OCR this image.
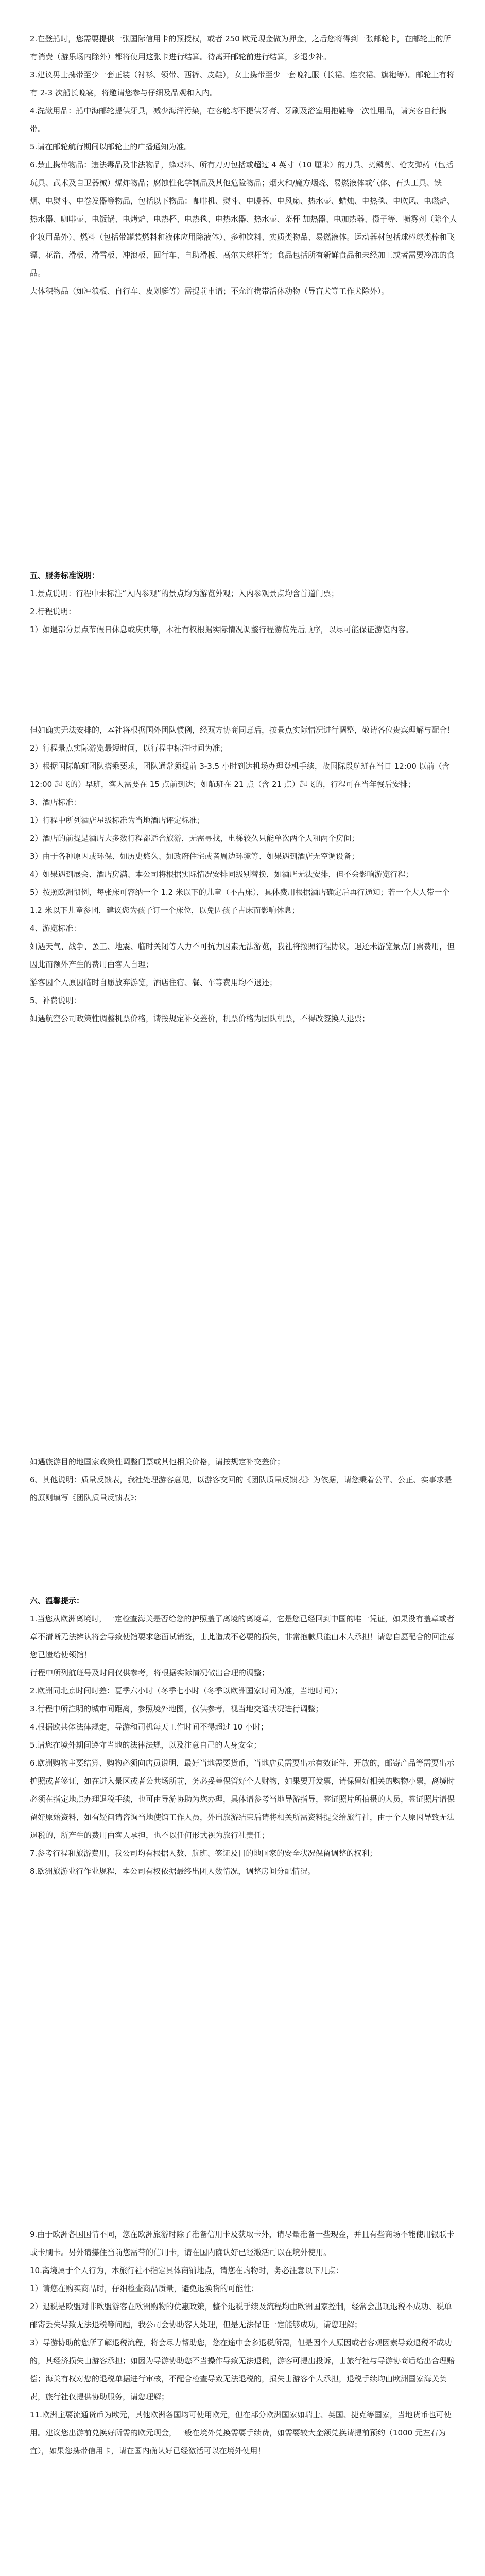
2.在登船时，您需要提供一张国际信用卡的预授权，或者 250 欧元现金做为押金，之后您将得到一张邮轮卡，在邮轮上的所有消费（游乐场内除外）都将使用这张卡进行结算。待离开邮轮前进行结算，多退少补。

3.建议男士携带至少一套正装（衬衫、领带、西裤、皮鞋），女士携带至少一套晚礼服（长裙、连衣裙、旗袍等）。邮轮上有将有 2-3 次船长晚宴，将邀请您参与仔细及品观和入内。

4.洗漱用品：船中海邮轮提供牙具，减少海洋污染，在客舱均不提供牙膏、牙刷及浴室用拖鞋等一次性用品，请宾客自行携带。

5.请在邮轮航行期间以邮轮上的广播通知为准。

6.禁止携带物品：违法毒品及非法物品，蜂鸡料、所有刀刃包括或超过 4 英寸（10 厘米）的刀具、扔鳞剪、枪支弹药（包括玩具、武术及自卫器械）爆炸物品；腐蚀性化学制品及其他危险物品；烟火和/魔方烟烧、易燃液体或气体、石头工具、铁烟、电熨斗、电卷发器等物品，包括以下物品：咖啡机、熨斗、电暖器、电风扇、热水壶、蜡烛、电热毯、电吹风、电磁炉、热水器、咖啡壶、电饭锅、电烤炉、电热杯、电热毯、电热水器、热水壶、茶杯 加热器、电加热器、摄子等、喷雾剂（除个人化妆用品外）、燃料（包括带罐装燃料和液体应用除液体）、多种饮料、实质类物品、易燃液体。运动器材包括球棒球类棒和飞镖、花箭、滑板、滑雪板、冲浪板、回行车、自助滑板、高尔夫球杆等；食品包括所有新鲜食品和未经加工或者需要冷冻的食品。

大体积物品（如冲浪板、自行车、皮划艇等）需提前申请；不允许携带活体动物（导盲犬等工作犬除外）。

五、服务标准说明：

1.景点说明：行程中未标注“入内参观”的景点均为游览外观；入内参观景点均含首道门票；

2.行程说明：

1）如遇部分景点节假日休息或庆典等，本社有权根据实际情况调整行程游览先后顺序，以尽可能保证游览内容。

但如确实无法安排的，本社将根据国外团队惯例，经双方协商同意后，按景点实际情况进行调整，敬请各位贵宾理解与配合！

2）行程景点实际游览最短时间，以行程中标注时间为准；

3）根据国际航班团队搭乘要求，团队通常须提前 3-3.5 小时到达机场办理登机手续，故国际段航班在当日 12:00 以前（含 12:00 起飞的）早班，客人需要在 15 点前到达；如航班在 21 点（含 21 点）起飞的，行程可在当年餐后安排；

3、酒店标准：

1）行程中所列酒店星级标准为当地酒店评定标准；

2）酒店的前提是酒店大多数行程都适合旅游，无需寻找，电梯较久只能单次两个人和两个房间；

3）由于各种原因或环保、如历史悠久、如政府住宅或者周边环境等、如果遇到酒店无空调设备；

4）如果遇到展会、酒店房满、本公司将根据实际情况安排同级别替换，如酒店无法安排，但不会影响游览行程；

5）按照欧洲惯例，每张床可容纳一个 1.2 米以下的儿童（不占床），具体费用根据酒店确定后再行通知；若一个大人带一个 1.2 米以下儿童参团，建议您为孩子订一个床位，以免因孩子占床而影响休息；

4、游览标准：

如遇天气、战争、罢工、地震、临时关闭等人力不可抗力因素无法游览，我社将按照行程协议，退还未游览景点门票费用，但因此而额外产生的费用由客人自理；

游客因个人原因临时自愿放弃游览，酒店住宿、餐、车等费用均不退还；

5、补费说明：

如遇航空公司政策性调整机票价格，请按规定补交差价，机票价格为团队机票，不得改签换人退票；

如遇旅游目的地国家政策性调整门票或其他相关价格，请按规定补交差价；

6、其他说明：质量反馈表，我社处理游客意见，以游客交回的《团队质量反馈表》为依据，请您秉着公平、公正、实事求是的原则填写《团队质量反馈表》；

六、温馨提示：

1.当您从欧洲离境时，一定检查海关是否给您的护照盖了离境的离境章，它是您已经回到中国的唯一凭证，如果没有盖章或者章不清晰无法辨认将会导致使馆要求您面试销签，由此造成不必要的损失，非常抱歉只能由本人承担！请您自愿配合的回注意您已遗给使领馆！

行程中所列航班号及时间仅供参考，将根据实际情况做出合理的调整；

2.欧洲同北京时间时差：夏季六小时（冬季七小时（冬季以欧洲国家时间为准，当地时间）；

3.行程中所注明的城市间距离，参照境外地图，仅供参考，视当地交通状况进行调整；

4.根据欧共体法律规定，导游和司机每天工作时间不得超过 10 小时；

5.请您在境外期间遵守当地的法律法规，以及注意自己的人身安全；

6.欧洲购物主要结算、购物必须向店员说明，最好当地需要货币，当地店员需要出示有效证件，开放的，邮寄产品等需要出示护照或者签证，如在进入景区或者公共场所前，务必妥善保管好个人财物，如果要开发票，请保留好相关的购物小票，离境时必须在指定地点办理退税手续，也可由导游协助为您办理，具体请参考当地导游指导，签证照片所拍摄的人员，签证照片请保留好原始资料，如有疑问请咨询当地使馆工作人员，外出旅游结束后请将相关所需资料提交给旅行社，由于个人原因导致无法退税的，所产生的费用由客人承担，也不以任何形式视为旅行社责任；

7.参考行程和旅游费用，我公司均有根据人数、航班、签证及目的地国家的安全状况保留调整的权利；

8.欧洲旅游业行作业规程，本公司有权依据最终出团人数情况，调整房间分配情况。

9.由于欧洲各国国情不同，您在欧洲旅游时除了准备信用卡及获取卡外，请尽量准备一些现金，并且有些商场不能使用银联卡或卡刷卡。另外请攥住当前您需带的信用卡，请在国内确认好已经激活可以在境外使用。

10.离境属于个人行为，本旅行社不指定具体商铺地点，请您在购物时，务必注意以下几点：

1）请您在购买商品时，仔细检查商品质量，避免退换货的可能性；

2）退税是欧盟对非欧盟游客在欧洲购物的优惠政策，整个退税手续及流程均由欧洲国家控制，经常会出现退税不成功、税单邮寄丢失导致无法退税等问题，我公司会协助客人处理，但是无法保证一定能够成功，请您理解；

3）导游协助的您所了解退税流程，将会尽力帮助您，您在途中会多退税所需，但是因个人原因或者客观因素导致退税不成功的，其经济损失由游客承担；如因为导游协助您不当操作导致无法退税，游客可提出投诉，由旅行社与导游协商后给出合理赔偿；海关有权对您的退税单据进行审核，不配合检查导致无法退税的，损失由游客个人承担，退税手续均由欧洲国家海关负责，旅行社仅提供协助服务，请您理解；

11.欧洲主要流通货币为欧元，其他欧洲各国均可使用欧元，但在部分欧洲国家如瑞士、英国、捷克等国家，当地货币也可使用。建议您出游前兑换好所需的欧元现金，一般在境外兑换需要手续费，如需要较大金额兑换请提前预约（1000 元左右为宜），如果您携带信用卡，请在国内确认好已经激活可以在境外使用！
